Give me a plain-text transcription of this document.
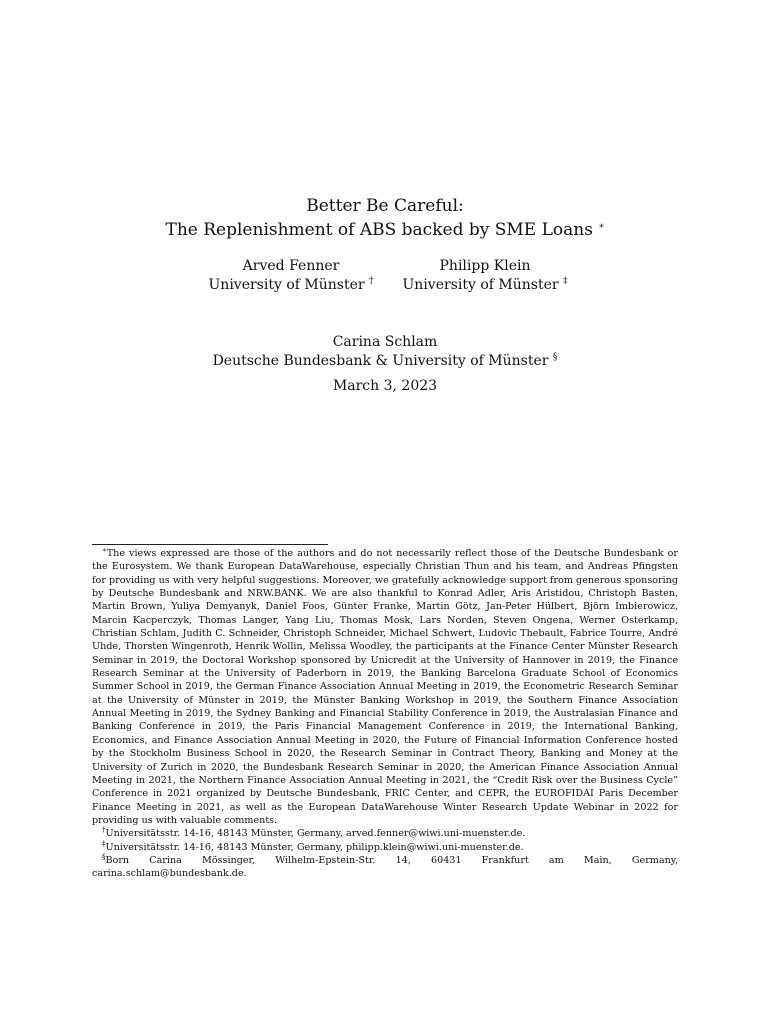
Better Be Careful:
The Replenishment of ABS backed by SME Loans ∗
Arved Fenner
University of Münster †
Philipp Klein
University of Münster ‡
Carina Schlam
Deutsche Bundesbank & University of Münster §
March 3, 2023

∗The views expressed are those of the authors and do not necessarily reflect those of the Deutsche Bundesbank or the Eurosystem. We thank European DataWarehouse, especially Christian Thun and his team, and Andreas Pfingsten for providing us with very helpful suggestions. Moreover, we gratefully acknowledge support from generous sponsoring by Deutsche Bundesbank and NRW.BANK. We are also thankful to Konrad Adler, Aris Aristidou, Christoph Basten, Martin Brown, Yuliya Demyanyk, Daniel Foos, Günter Franke, Martin Götz, Jan-Peter Hülbert, Björn Imbierowicz, Marcin Kacperczyk, Thomas Langer, Yang Liu, Thomas Mosk, Lars Norden, Steven Ongena, Werner Osterkamp, Christian Schlam, Judith C. Schneider, Christoph Schneider, Michael Schwert, Ludovic Thebault, Fabrice Tourre, André Uhde, Thorsten Wingenroth, Henrik Wollin, Melissa Woodley, the participants at the Finance Center Münster Research Seminar in 2019, the Doctoral Workshop sponsored by Unicredit at the University of Hannover in 2019, the Finance Research Seminar at the University of Paderborn in 2019, the Banking Barcelona Graduate School of Economics Summer School in 2019, the German Finance Association Annual Meeting in 2019, the Econometric Research Seminar at the University of Münster in 2019, the Münster Banking Workshop in 2019, the Southern Finance Association Annual Meeting in 2019, the Sydney Banking and Financial Stability Conference in 2019, the Australasian Finance and Banking Conference in 2019, the Paris Financial Management Conference in 2019, the International Banking, Economics, and Finance Association Annual Meeting in 2020, the Future of Financial Information Conference hosted by the Stockholm Business School in 2020, the Research Seminar in Contract Theory, Banking and Money at the University of Zurich in 2020, the Bundesbank Research Seminar in 2020, the American Finance Association Annual Meeting in 2021, the Northern Finance Association Annual Meeting in 2021, the “Credit Risk over the Business Cycle” Conference in 2021 organized by Deutsche Bundesbank, FRIC Center, and CEPR, the EUROFIDAI Paris December Finance Meeting in 2021, as well as the European DataWarehouse Winter Research Update Webinar in 2022 for providing us with valuable comments.

†Universitätsstr. 14-16, 48143 Münster, Germany, arved.fenner@wiwi.uni-muenster.de.

‡Universitätsstr. 14-16, 48143 Münster, Germany, philipp.klein@wiwi.uni-muenster.de.

§Born Carina Mössinger, Wilhelm-Epstein-Str. 14, 60431 Frankfurt am Main, Germany, carina.schlam@bundesbank.de.
